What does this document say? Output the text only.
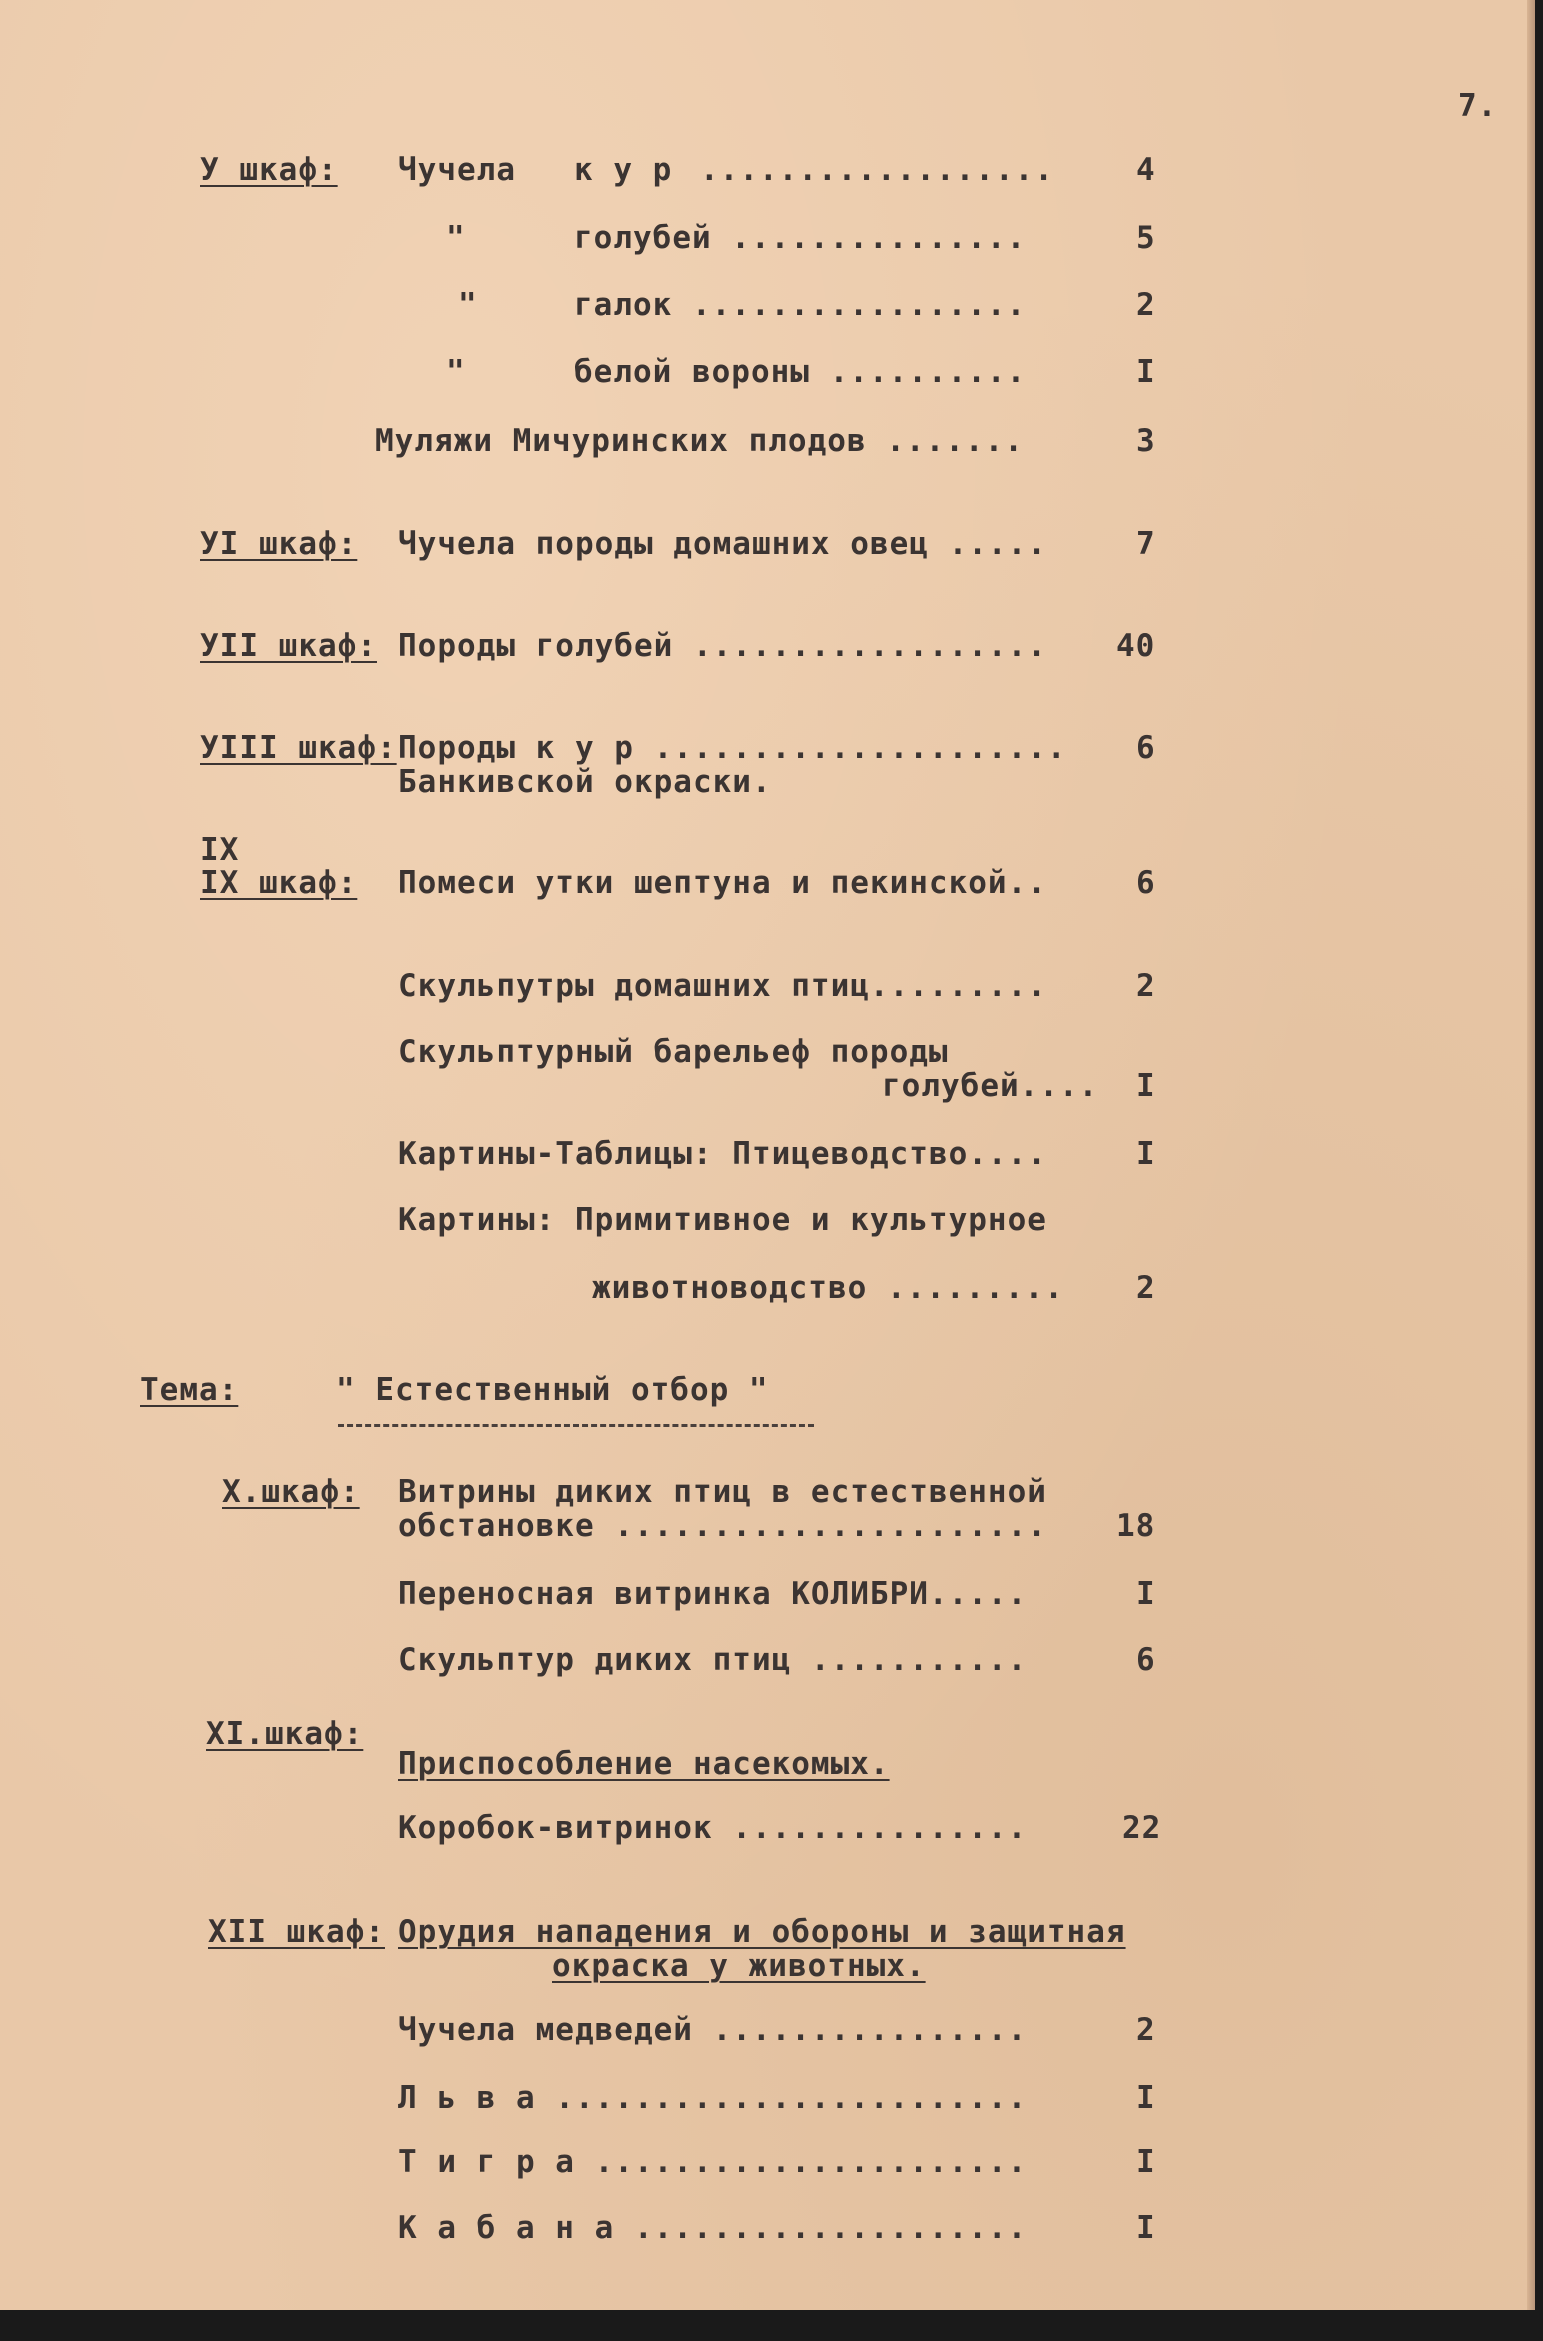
7.
У шкаф: Чучела к у р ..................	4
"	голубей ...............	5
"	галок .................	2
"	белой вороны ..........	I
Муляжи Мичуринских плодов .......	3
УI шкаф: Чучела породы домашних овец .....	7
УII шкаф: Породы голубей .................. 40
УIII шкаф: Породы к у р ..................... 6
Банкивской окраски.
IX
IX шкаф: Помеси утки шептуна и пекинской..	6
Скульпутры домашних птиц.........	2
Скульптурный барельеф породы
голубей.... I
Картины-Таблицы: Птицеводство....	I
Картины: Примитивное и культурное
животноводство ......... 2
Тема:	" Естественный отбор "
Х.шкаф: Витрины диких птиц в естественной
обстановке ...................... 18
Переносная витринка КОЛИБРИ.....	I
Скульптур диких птиц ...........	6
ХI.шкаф:
Приспособление насекомых.
Коробок-витринок ...............	22
ХII шкаф: Орудия нападения и обороны и защитная
окраска у животных.
Чучела медведей ................	2
Л ь в а ........................	I
Т и г р а ......................	I
К а б а н а ....................	I
